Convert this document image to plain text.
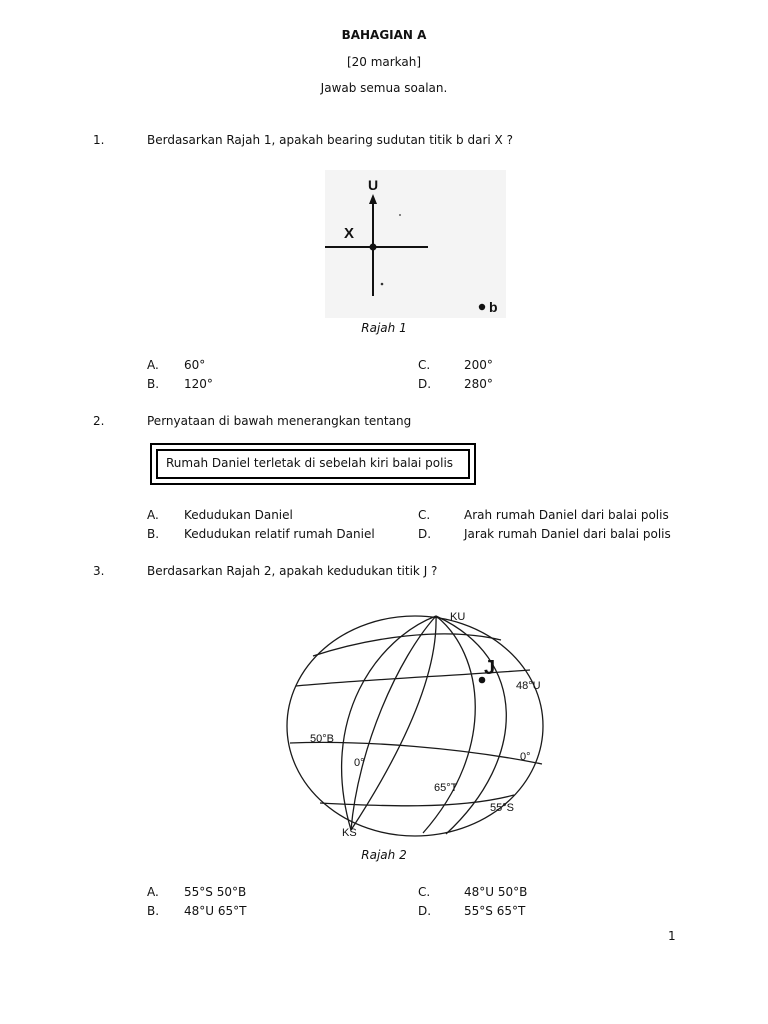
BAHAGIAN A
[20 markah]
Jawab semua soalan.
1.	Berdasarkan Rajah 1, apakah bearing sudutan titik b dari X ?
U
X
b
Rajah 1
A. 60°	C.	200°
B. 120°	D.	280°
2.	Pernyataan di bawah menerangkan tentang
Rumah Daniel terletak di sebelah kiri balai polis
A. Kedudukan Daniel	C.	Arah rumah Daniel dari balai polis
B. Kedudukan relatif rumah Daniel	D.	Jarak rumah Daniel dari balai polis
3.	Berdasarkan Rajah 2, apakah kedudukan titik J ?
KU
KS
J
48°U
0°
55°S
50°B
0°
65°T
Rajah 2
A. 55°S 50°B	C.	48°U 50°B
B. 48°U 65°T	D.	55°S 65°T
1
